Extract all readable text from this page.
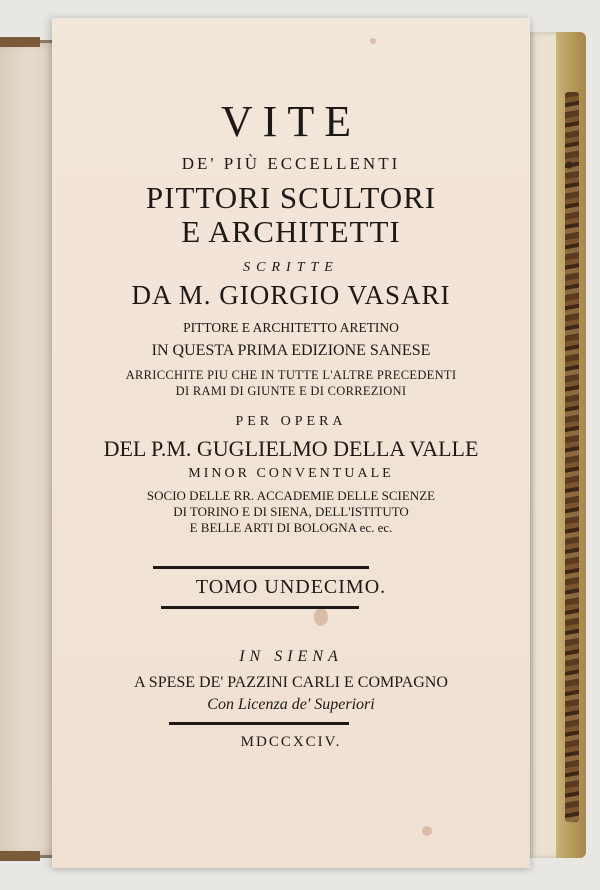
VITE

DE' PIÙ ECCELLENTI

PITTORI SCULTORI

E ARCHITETTI

SCRITTE

DA M. GIORGIO VASARI

PITTORE E ARCHITETTO ARETINO

IN QUESTA PRIMA EDIZIONE SANESE

ARRICCHITE PIU CHE IN TUTTE L'ALTRE PRECEDENTI

DI RAMI DI GIUNTE E DI CORREZIONI

PER OPERA

DEL P.M. GUGLIELMO DELLA VALLE

MINOR CONVENTUALE

SOCIO DELLE RR. ACCADEMIE DELLE SCIENZE

DI TORINO E DI SIENA, DELL'ISTITUTO

E BELLE ARTI DI BOLOGNA ec. ec.

TOMO UNDECIMO.

IN SIENA

A SPESE DE' PAZZINI CARLI E COMPAGNO

Con Licenza de' Superiori

MDCCXCIV.
